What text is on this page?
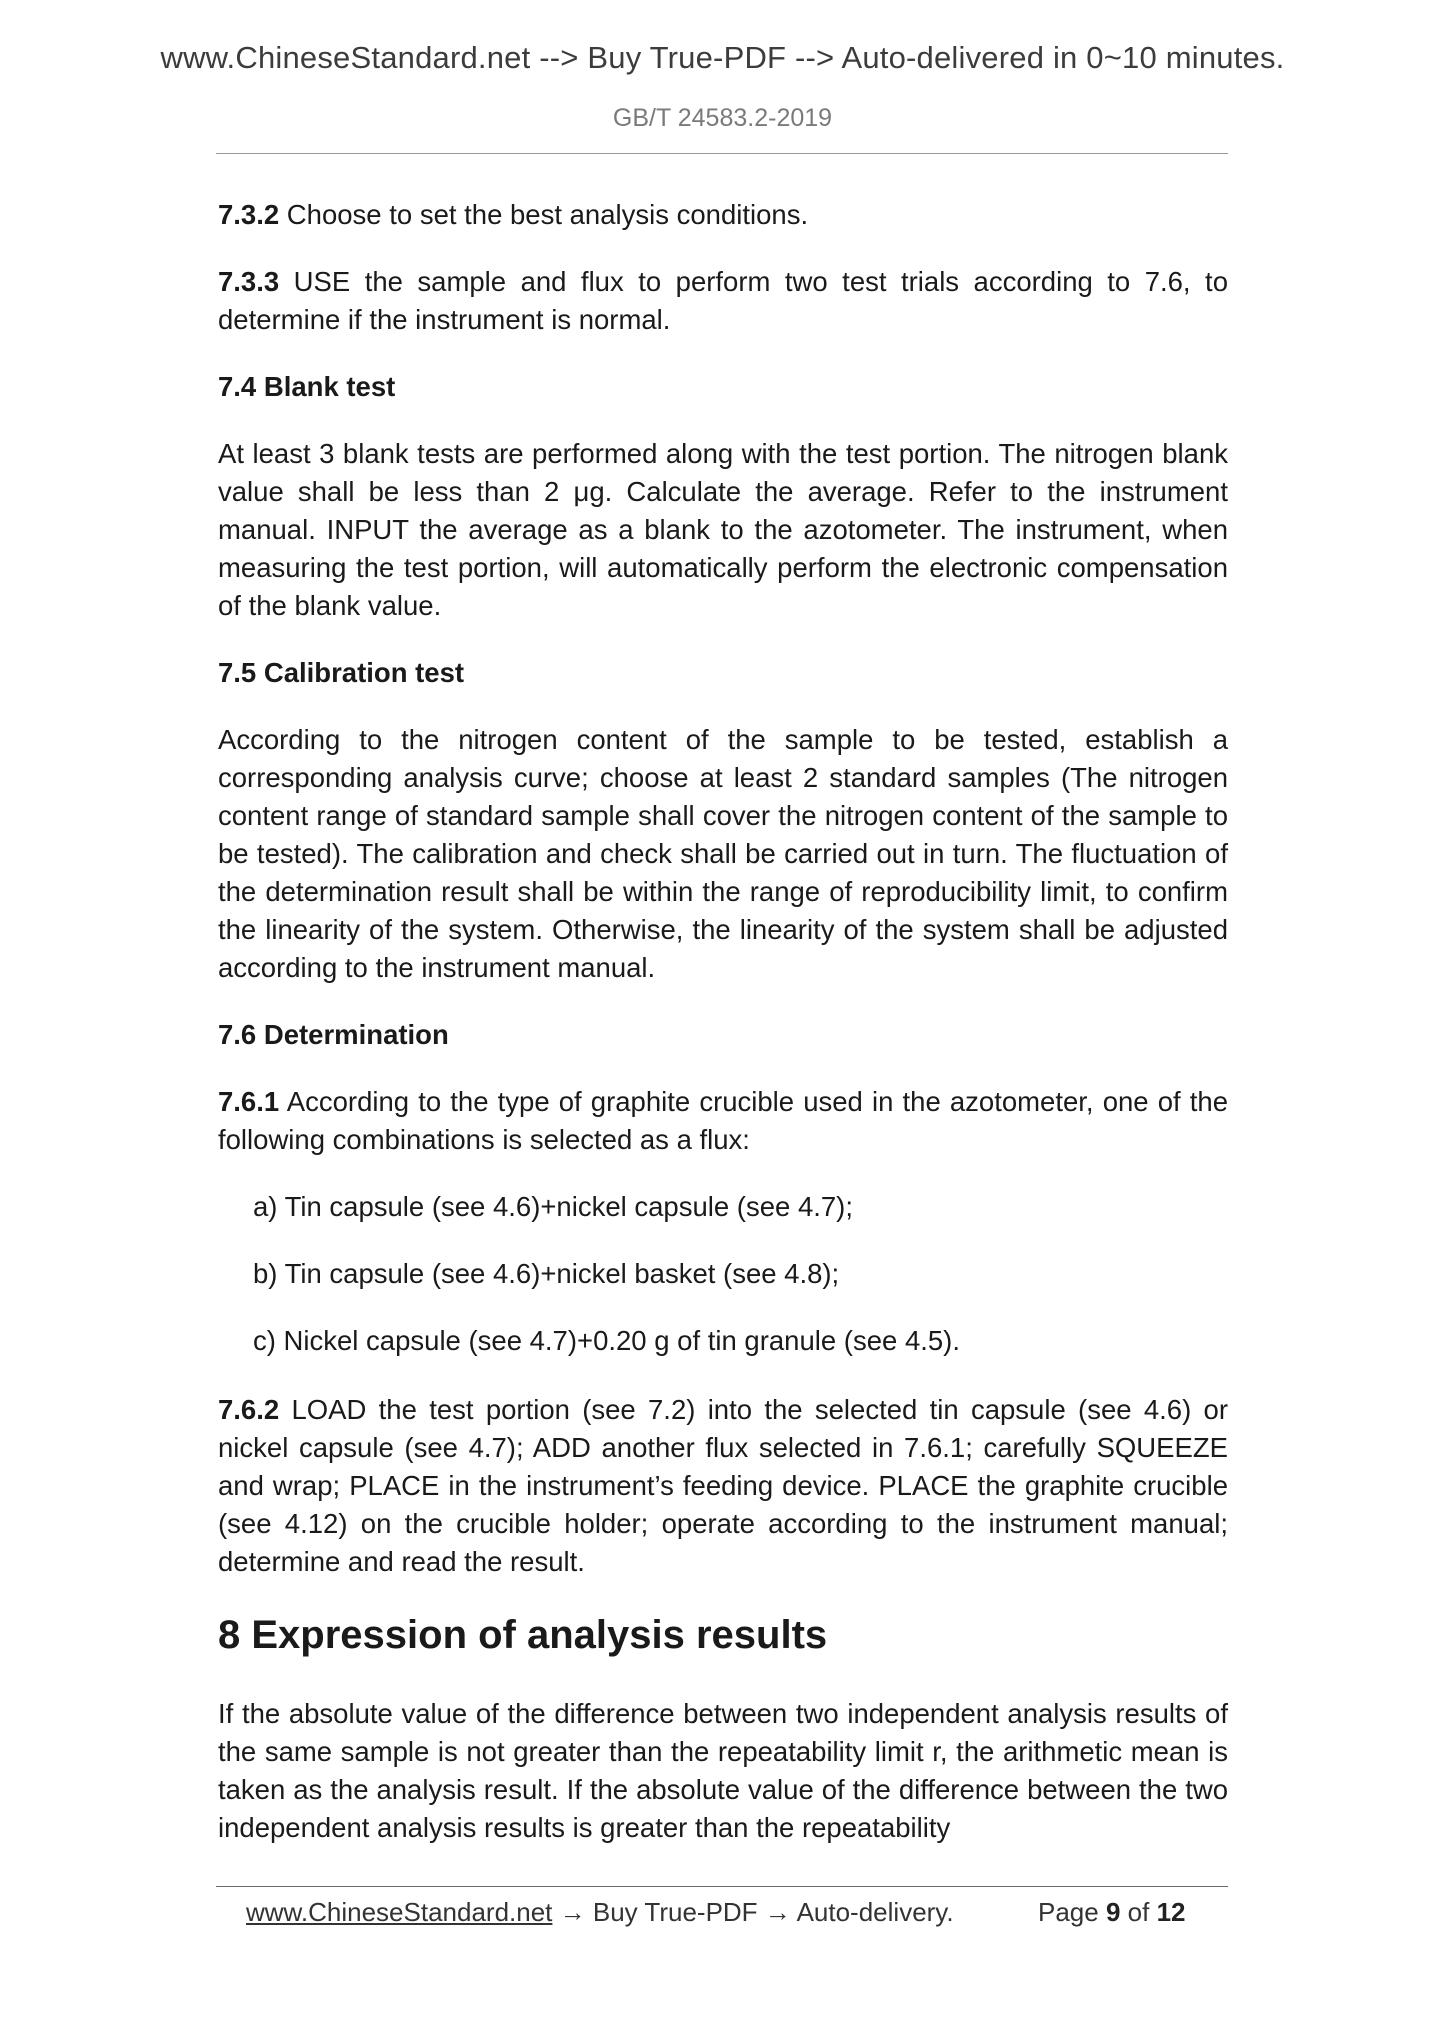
www.ChineseStandard.net --> Buy True-PDF --> Auto-delivered in 0~10 minutes.
GB/T 24583.2-2019

7.3.2 Choose to set the best analysis conditions.

7.3.3 USE the sample and flux to perform two test trials according to 7.6, to determine if the instrument is normal.

7.4 Blank test

At least 3 blank tests are performed along with the test portion. The nitrogen blank value shall be less than 2 μg. Calculate the average. Refer to the instrument manual. INPUT the average as a blank to the azotometer. The instrument, when measuring the test portion, will automatically perform the electronic compensation of the blank value.

7.5 Calibration test

According to the nitrogen content of the sample to be tested, establish a corresponding analysis curve; choose at least 2 standard samples (The nitrogen content range of standard sample shall cover the nitrogen content of the sample to be tested). The calibration and check shall be carried out in turn. The fluctuation of the determination result shall be within the range of reproducibility limit, to confirm the linearity of the system. Otherwise, the linearity of the system shall be adjusted according to the instrument manual.

7.6 Determination

7.6.1 According to the type of graphite crucible used in the azotometer, one of the following combinations is selected as a flux:

a) Tin capsule (see 4.6)+nickel capsule (see 4.7);

b) Tin capsule (see 4.6)+nickel basket (see 4.8);

c) Nickel capsule (see 4.7)+0.20 g of tin granule (see 4.5).

7.6.2 LOAD the test portion (see 7.2) into the selected tin capsule (see 4.6) or nickel capsule (see 4.7); ADD another flux selected in 7.6.1; carefully SQUEEZE and wrap; PLACE in the instrument’s feeding device. PLACE the graphite crucible (see 4.12) on the crucible holder; operate according to the instrument manual; determine and read the result.

8 Expression of analysis results

If the absolute value of the difference between two independent analysis results of the same sample is not greater than the repeatability limit r, the arithmetic mean is taken as the analysis result. If the absolute value of the difference between the two independent analysis results is greater than the repeatability

www.ChineseStandard.net → Buy True-PDF → Auto-delivery.	Page 9 of 12
